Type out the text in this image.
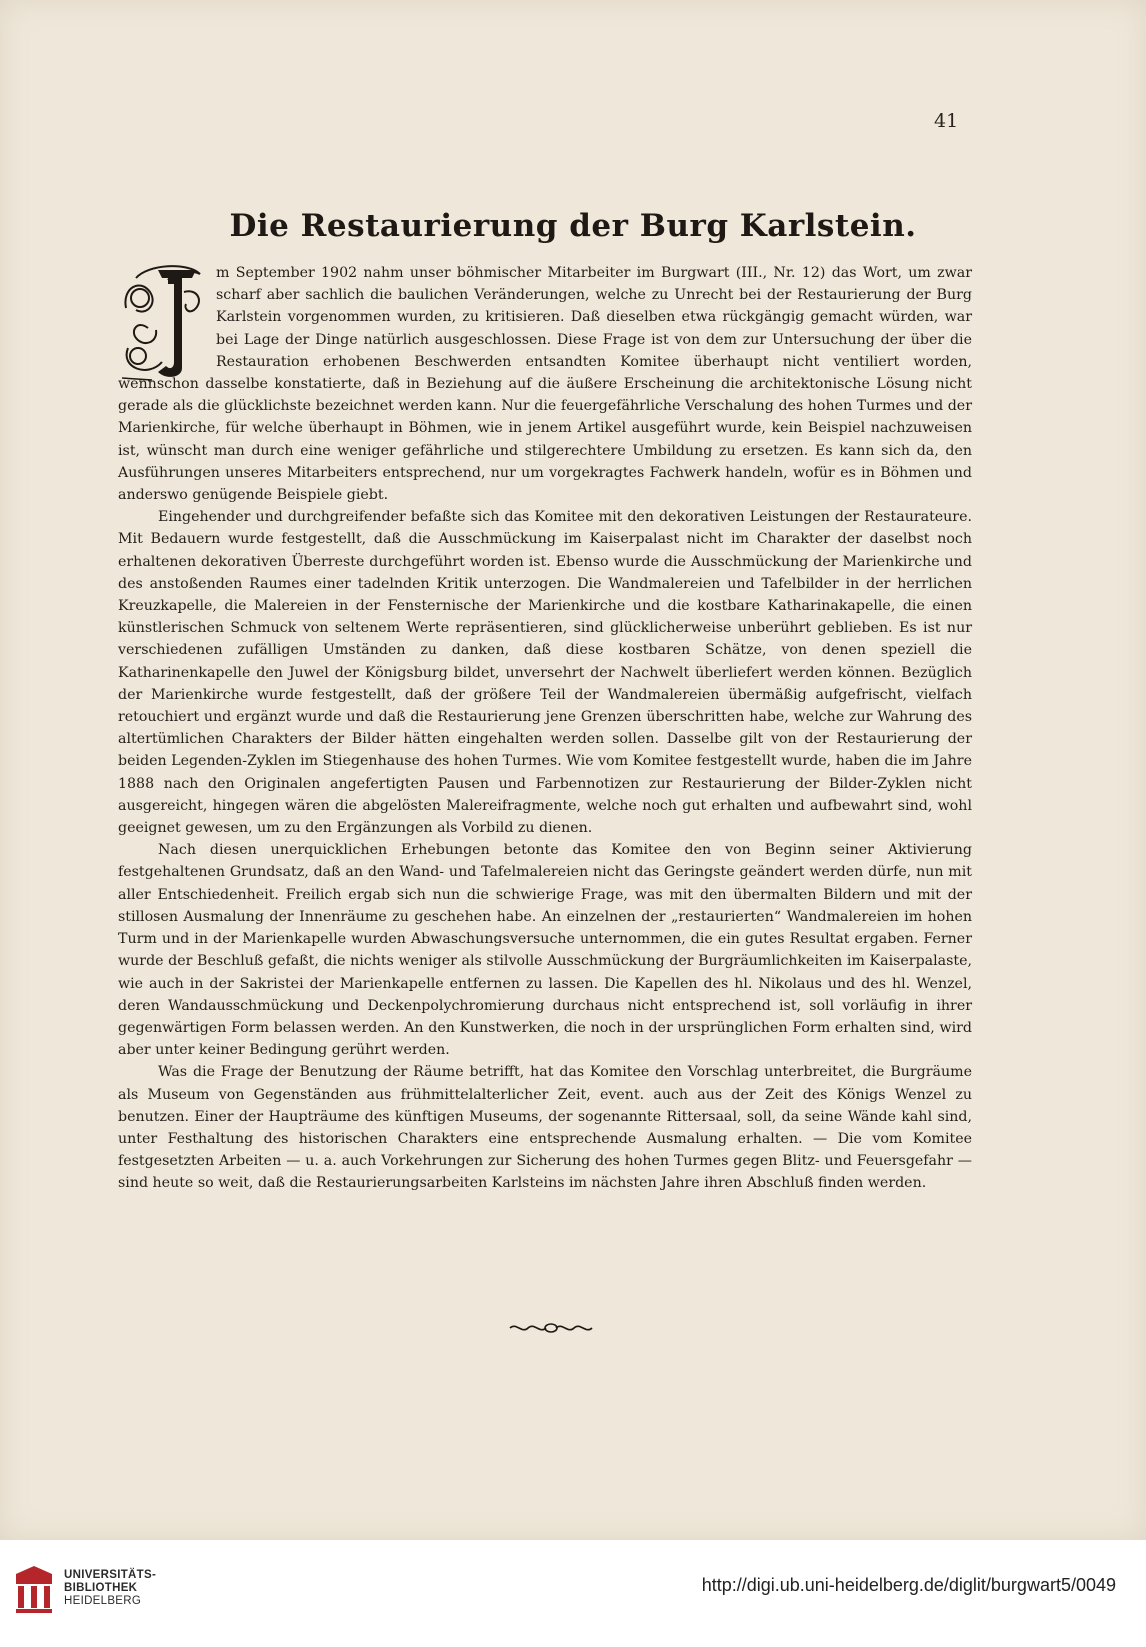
41
Die Restaurierung der Burg Karlstein.
I

m September 1902 nahm unser böhmischer Mitarbeiter im Burgwart (III., Nr. 12) das Wort, um zwar scharf aber sachlich die baulichen Veränderungen, welche zu Unrecht bei der Restaurierung der Burg Karlstein vorgenommen wurden, zu kritisieren. Daß dieselben etwa rückgängig gemacht würden, war bei Lage der Dinge natürlich ausgeschlossen. Diese Frage ist von dem zur Untersuchung der über die Restauration erhobenen Beschwerden entsandten Komitee überhaupt nicht ventiliert worden, wennschon dasselbe konstatierte, daß in Beziehung auf die äußere Erscheinung die architektonische Lösung nicht gerade als die glücklichste bezeichnet werden kann. Nur die feuergefährliche Verschalung des hohen Turmes und der Marienkirche, für welche überhaupt in Böhmen, wie in jenem Artikel ausgeführt wurde, kein Beispiel nachzuweisen ist, wünscht man durch eine weniger gefährliche und stilgerechtere Umbildung zu ersetzen. Es kann sich da, den Ausführungen unseres Mitarbeiters entsprechend, nur um vorgekragtes Fachwerk handeln, wofür es in Böhmen und anderswo genügende Beispiele giebt.

Eingehender und durchgreifender befaßte sich das Komitee mit den dekorativen Leistungen der Restaurateure. Mit Bedauern wurde festgestellt, daß die Ausschmückung im Kaiserpalast nicht im Charakter der daselbst noch erhaltenen dekorativen Überreste durchgeführt worden ist. Ebenso wurde die Ausschmückung der Marienkirche und des anstoßenden Raumes einer tadelnden Kritik unterzogen. Die Wandmalereien und Tafelbilder in der herrlichen Kreuzkapelle, die Malereien in der Fensternische der Marienkirche und die kostbare Katharinakapelle, die einen künstlerischen Schmuck von seltenem Werte repräsentieren, sind glücklicherweise unberührt geblieben. Es ist nur verschiedenen zufälligen Umständen zu danken, daß diese kostbaren Schätze, von denen speziell die Katharinenkapelle den Juwel der Königsburg bildet, unversehrt der Nachwelt überliefert werden können. Bezüglich der Marienkirche wurde festgestellt, daß der größere Teil der Wandmalereien übermäßig aufgefrischt, vielfach retouchiert und ergänzt wurde und daß die Restaurierung jene Grenzen überschritten habe, welche zur Wahrung des altertümlichen Charakters der Bilder hätten eingehalten werden sollen. Dasselbe gilt von der Restaurierung der beiden Legenden-Zyklen im Stiegenhause des hohen Turmes. Wie vom Komitee festgestellt wurde, haben die im Jahre 1888 nach den Originalen angefertigten Pausen und Farbennotizen zur Restaurierung der Bilder-Zyklen nicht ausgereicht, hingegen wären die abgelösten Malereifragmente, welche noch gut erhalten und aufbewahrt sind, wohl geeignet gewesen, um zu den Ergänzungen als Vorbild zu dienen.

Nach diesen unerquicklichen Erhebungen betonte das Komitee den von Beginn seiner Aktivierung festgehaltenen Grundsatz, daß an den Wand- und Tafelmalereien nicht das Geringste geändert werden dürfe, nun mit aller Entschiedenheit. Freilich ergab sich nun die schwierige Frage, was mit den übermalten Bildern und mit der stillosen Ausmalung der Innenräume zu geschehen habe. An einzelnen der „restaurierten“ Wandmalereien im hohen Turm und in der Marienkapelle wurden Abwaschungsversuche unternommen, die ein gutes Resultat ergaben. Ferner wurde der Beschluß gefaßt, die nichts weniger als stilvolle Ausschmückung der Burgräumlichkeiten im Kaiserpalaste, wie auch in der Sakristei der Marienkapelle entfernen zu lassen. Die Kapellen des hl. Nikolaus und des hl. Wenzel, deren Wandausschmückung und Deckenpolychromierung durchaus nicht entsprechend ist, soll vorläufig in ihrer gegenwärtigen Form belassen werden. An den Kunstwerken, die noch in der ursprünglichen Form erhalten sind, wird aber unter keiner Bedingung gerührt werden.

Was die Frage der Benutzung der Räume betrifft, hat das Komitee den Vorschlag unterbreitet, die Burgräume als Museum von Gegenständen aus frühmittelalterlicher Zeit, event. auch aus der Zeit des Königs Wenzel zu benutzen. Einer der Haupträume des künftigen Museums, der sogenannte Rittersaal, soll, da seine Wände kahl sind, unter Festhaltung des historischen Charakters eine entsprechende Ausmalung erhalten. — Die vom Komitee festgesetzten Arbeiten — u. a. auch Vorkehrungen zur Sicherung des hohen Turmes gegen Blitz- und Feuersgefahr — sind heute so weit, daß die Restaurierungsarbeiten Karlsteins im nächsten Jahre ihren Abschluß finden werden.

UNIVERSITÄTS-
BIBLIOTHEK
HEIDELBERG
http://digi.ub.uni-heidelberg.de/diglit/burgwart5/0049
